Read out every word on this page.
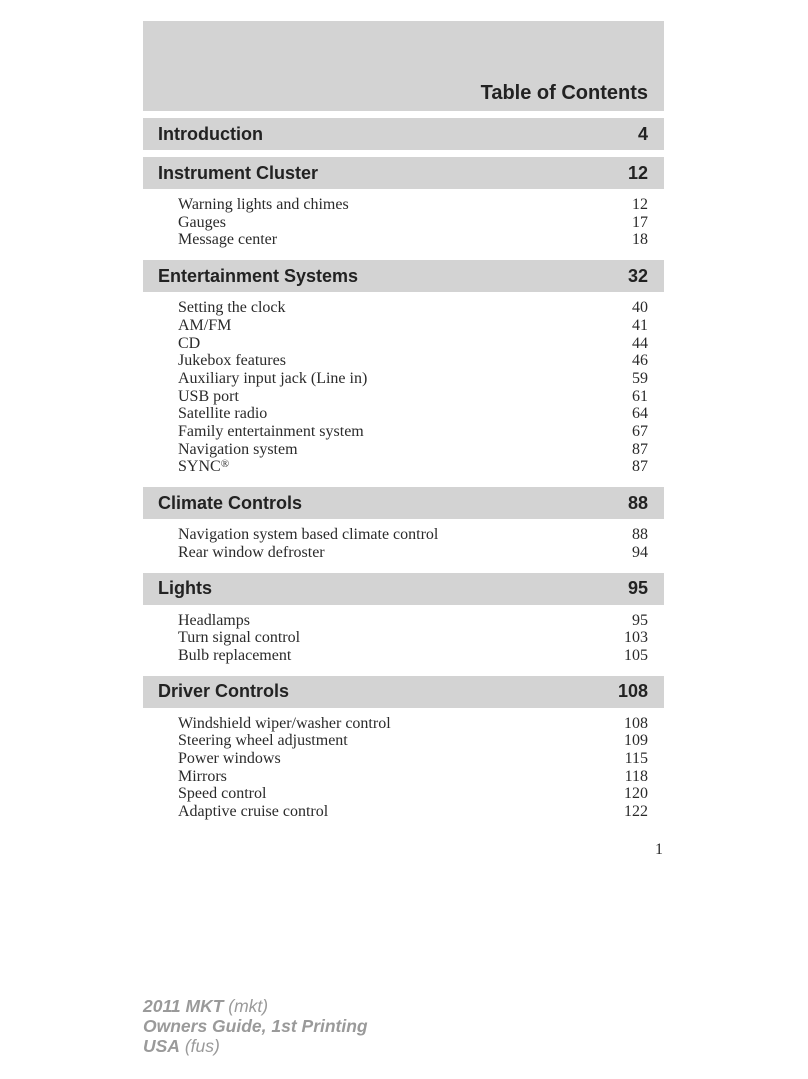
Table of Contents
Introduction	4
Instrument Cluster	12
Warning lights and chimes	12
Gauges	17
Message center	18
Entertainment Systems	32
Setting the clock	40
AM/FM	41
CD	44
Jukebox features	46
Auxiliary input jack (Line in)	59
USB port	61
Satellite radio	64
Family entertainment system	67
Navigation system	87
SYNC®	87
Climate Controls	88
Navigation system based climate control	88
Rear window defroster	94
Lights	95
Headlamps	95
Turn signal control	103
Bulb replacement	105
Driver Controls	108
Windshield wiper/washer control	108
Steering wheel adjustment	109
Power windows	115
Mirrors	118
Speed control	120
Adaptive cruise control	122
1
2011 MKT (mkt)
Owners Guide, 1st Printing
USA (fus)
